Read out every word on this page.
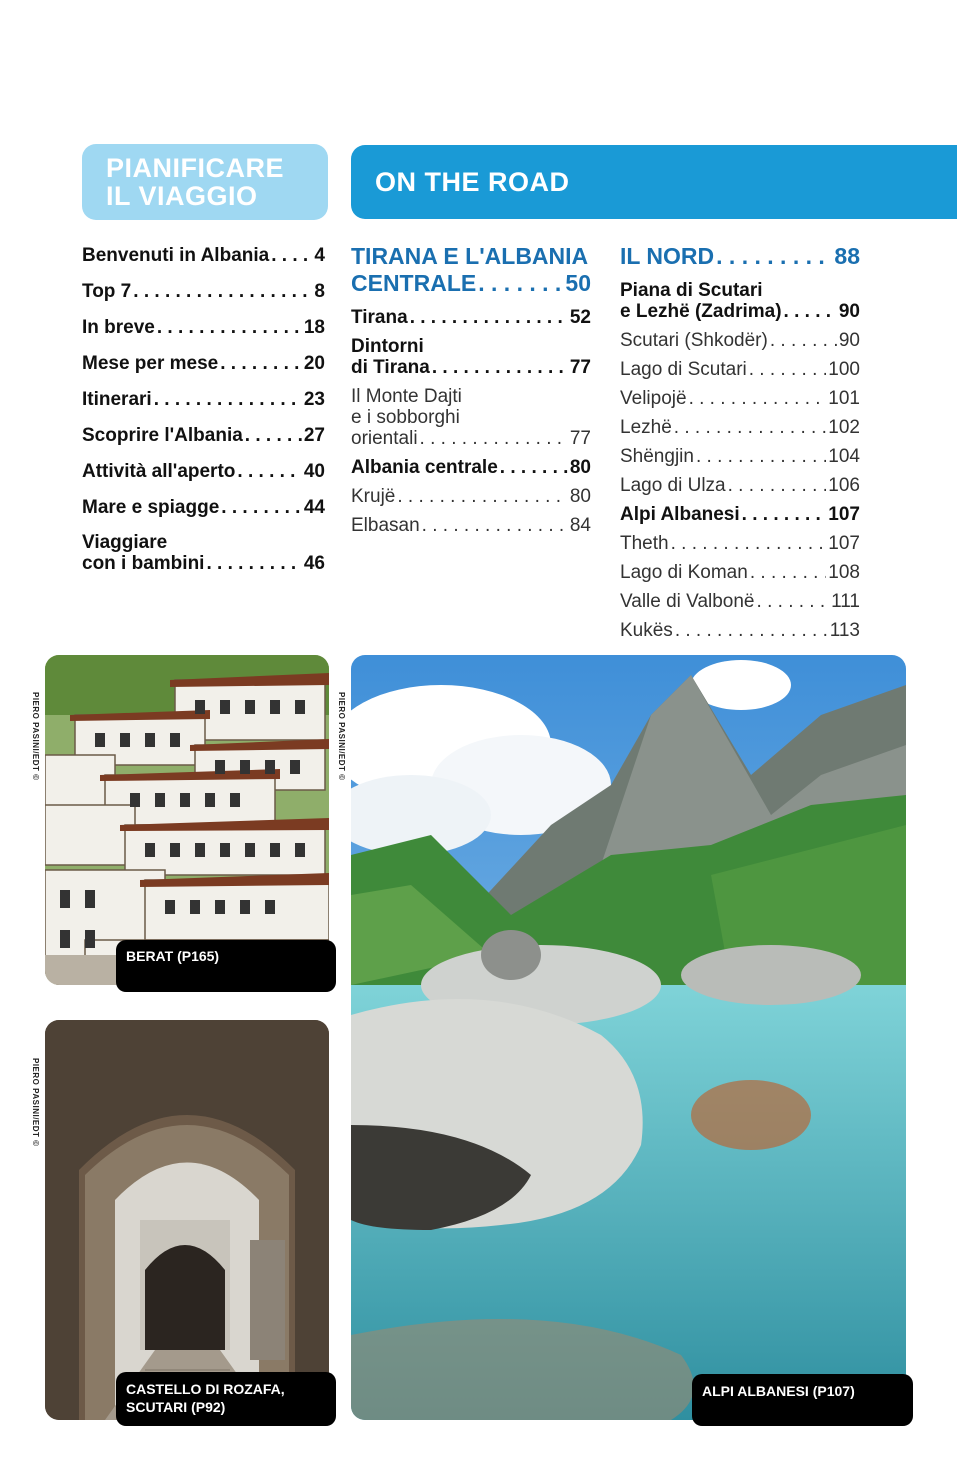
PIANIFICARE
IL VIAGGIO	ON THE ROAD
Benvenuti in Albania . . . 4
Top 7 . . .	8
In breve . . .	18
Mese per mese . . .	20
Itinerari . . .	23
Scoprire l'Albania . . .	27
Attività all'aperto . . .	40
Mare e spiagge . . .	44
Viaggiare
con i bambini . . .	46
TIRANA E L'ALBANIA
CENTRALE . . .	50
Tirana . . .	52
Dintorni
di Tirana . . .	77
Il Monte Dajti
e i sobborghi
orientali . . .	77
Albania centrale . . .	80
Krujë . . .	80
Elbasan . . .	84
IL NORD . . .	88
Piana di Scutari
e Lezhë (Zadrima) . . .	90
Scutari (Shkodër) . . .	90
Lago di Scutari . . .	100
Velipojë . . .	101
Lezhë . . .	102
Shëngjin . . .	104
Lago di Ulza . . .	106
Alpi Albanesi . . .	107
Theth . . .	107
Lago di Koman . . .	108
Valle di Valbonë . . .	111
Kukës . . .	113
PIERO PASINI/EDT ©
BERAT (P165)
PIERO PASINI/EDT ©
CASTELLO DI ROZAFA,
SCUTARI (P92)
PIERO PASINI/EDT ©
ALPI ALBANESI (P107)
